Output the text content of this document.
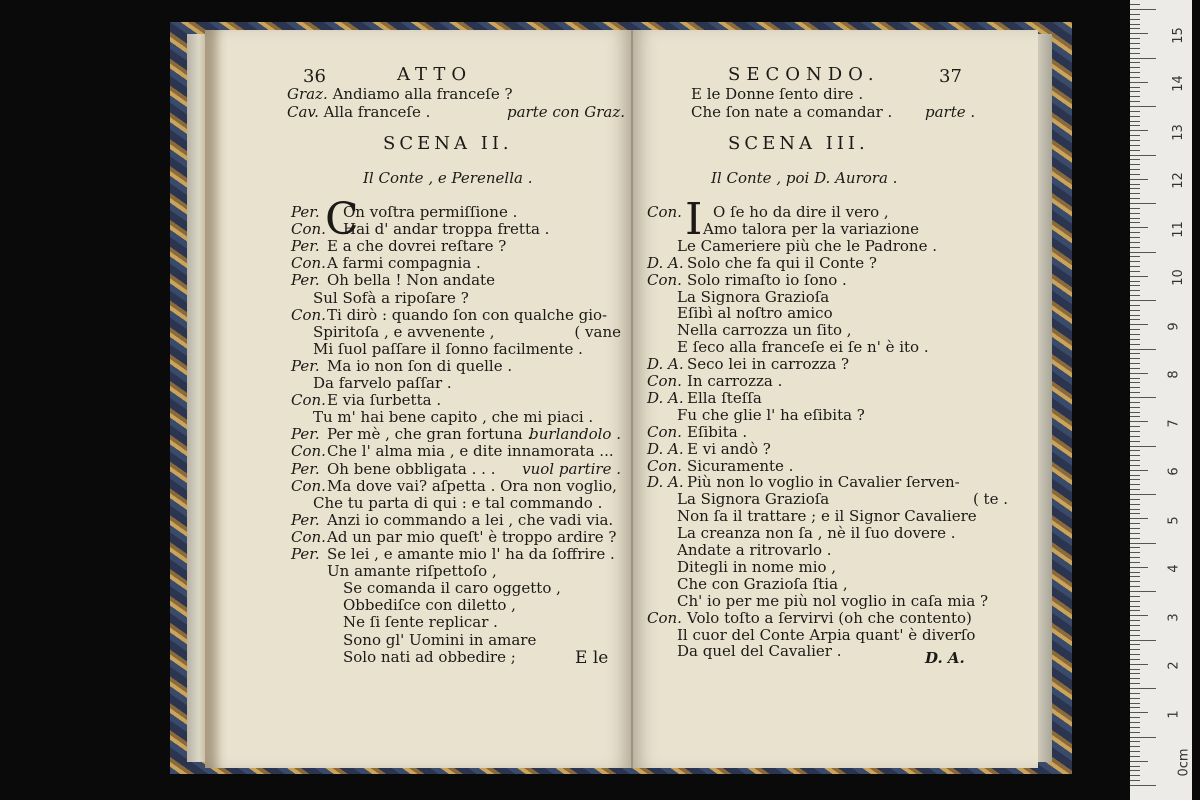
36	ATTO
Graz. Andiamo alla franceſe ?
Cav. Alla franceſe .	parte con Graz.
SCENA II.
Il Conte , e Perenella .
C
Per. On voſtra permiſſione .
Con. Hai d' andar troppa fretta .
Per. E a che dovrei reſtare ?
Con.A farmi compagnia .
Per. Oh bella ! Non andate
Sul Sofà a ripoſare ?
Con.Ti dirò : quando ſon con qualche gio-
Spiritoſa , e avvenente ,	( vane
Mi ſuol paſſare il ſonno facilmente .
Per. Ma io non ſon di quelle .
Da farvelo paſſar .
Con.E via ſurbetta .
Tu m' hai bene capito , che mi piaci .
Per. Per mè , che gran fortuna .
burlandolo .
Con.Che l' alma mia , e dite innamorata ...
Per. Oh bene obbligata . . . vuol partire .
Con.Ma dove vai? aſpetta . Ora non voglio,
Che tu parta di qui : e tal commando .
Per. Anzi io commando a lei , che vadi via.
Con.Ad un par mio queſt' è troppo ardire ?
Per. Se lei , e amante mio l' ha da ſoffrire .
Un amante riſpettoſo ,
Se comanda il caro oggetto ,
Obbediſce con diletto ,
Ne ſi ſente replicar .
Sono gl' Uomini in amare
Solo nati ad obbedire ;	E le
SECONDO.	37
E le Donne ſento dire .
Che ſon nate a comandar . parte .
SCENA III.
Il Conte , poi D. Aurora .
I
Con. O ſe ho da dire il vero ,
Amo talora per la variazione
Le Cameriere più che le Padrone .
D. A. Solo che fa qui il Conte ?
Con. Solo rimaſto io ſono .
La Signora Grazioſa
Eſibì al noſtro amico
Nella carrozza un ſito ,
E ſeco alla franceſe ei ſe n' è ito .
D. A. Seco lei in carrozza ?
Con. In carrozza .
D. A. Ella ſteſſa
Fu che glie l' ha eſibita ?
Con. Eſibita .
D. A. E vi andò ?
Con. Sicuramente .
D. A. Più non lo voglio in Cavalier ſerven-
La Signora Grazioſa	( te .
Non ſa il trattare ; e il Signor Cavaliere
La creanza non ſa , nè il ſuo dovere .
Andate a ritrovarlo .
Ditegli in nome mio ,
Che con Grazioſa ſtia ,
Ch' io per me più nol voglio in caſa mia ?
Con. Volo toſto a ſervirvi (oh che contento)
Il cuor del Conte Arpia quant' è diverſo
Da quel del Cavalier .	D. A.
15
14
13
12
11
10
9
8
7
6
5
4
3
2
1
0cm
